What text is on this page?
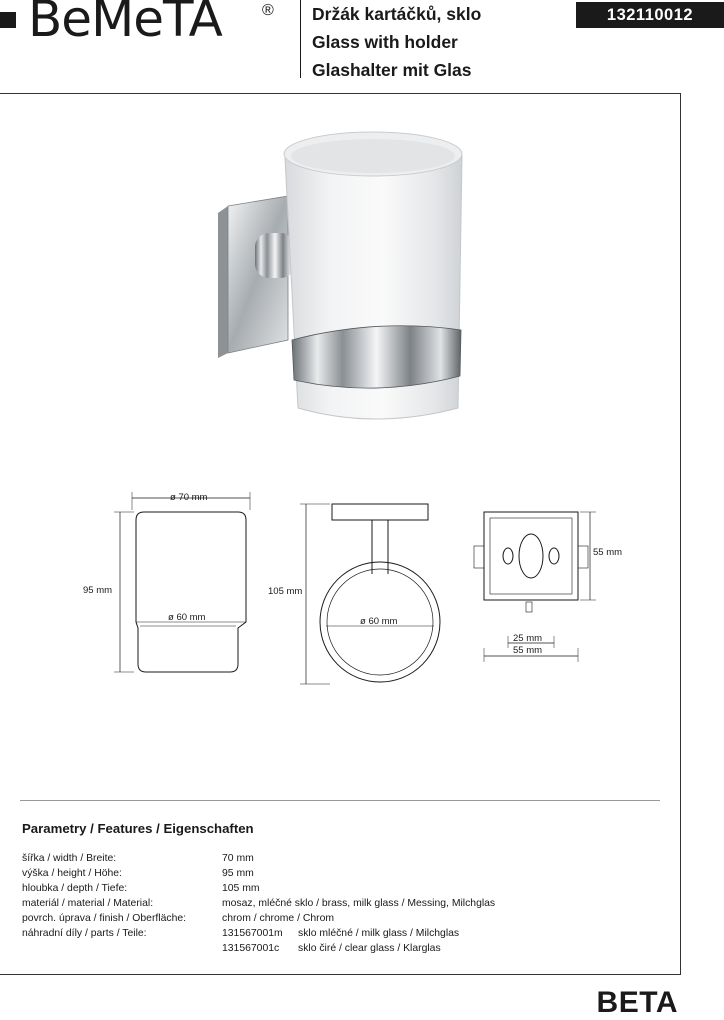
BeMeTA	® Držák kartáčků, sklo
Glass with holder
Glashalter mit Glas
132110012
ø 70 mm
ø 60 mm
95 mm	105 mm
ø 60 mm
55 mm
25 mm
55 mm
Parametry / Features / Eigenschaften
šířka / width / Breite:	70 mm
výška / height / Höhe:	95 mm
hloubka / depth / Tiefe:	105 mm
materiál / material / Material:	mosaz, mléčné sklo / brass, milk glass / Messing, Milchglas
povrch. úprava / finish / Oberfläche:	chrom / chrome / Chrom
náhradní díly / parts / Teile:	131567001m sklo mléčné / milk glass / Milchglas
131567001c sklo čiré / clear glass / Klarglas
BETA
